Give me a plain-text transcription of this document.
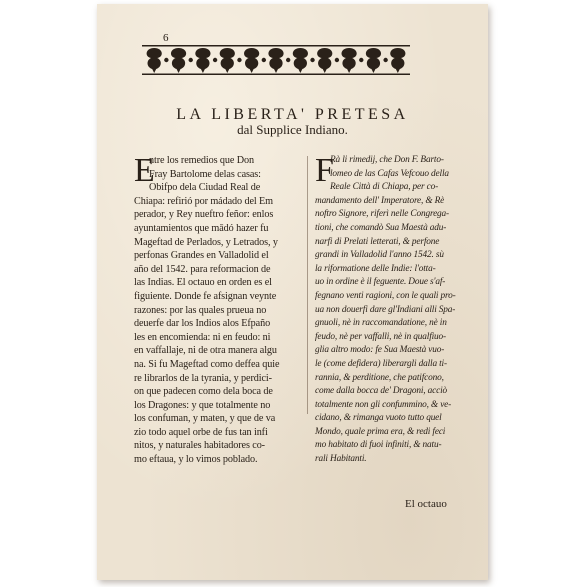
6
LA LIBERTA' PRETESA
dal Supplice Indiano.
E
ntre los remedios que Don
Fray Bartolome delas casas:
Obifpo dela Ciudad Real de
Chiapa: refirió por mádado del Em
perador, y Rey nueftro feñor: enlos
ayuntamientos que mādó hazer fu
Mageftad de Perlados, y Letrados, y
perfonas Grandes en Valladolid el
año del 1542. para reformacion de
las Indias. El octauo en orden es el
figuiente. Donde fe afsignan veynte
razones: por las quales prueua no
deuerfe dar los Indios alos Efpaño
les en encomienda: ni en feudo: ni
en vaffallaje, ni de otra manera algu
na. Si fu Mageftad como deffea quie
re librarlos de la tyrania, y perdici-
on que padecen como dela boca de
los Dragones: y que totalmente no
los confuman, y maten, y que de va
zio todo aquel orbe de fus tan infi
nitos, y naturales habitadores co-
mo eftaua, y lo vimos poblado.
F
Rà li rimedij, che Don F. Barto-
lomeo de las Cafas Vefcouo della
Reale Città di Chiapa, per co-
mandamento dell' Imperatore, & Rè
noftro Signore, riferì nelle Congrega-
tioni, che comandò Sua Maestà adu-
narfi di Prelati letterati, & perfone
grandi in Valladolid l'anno 1542. sù
la riformatione delle Indie: l'otta-
uo in ordine è il feguente. Doue s'af-
fegnano venti ragioni, con le quali pro-
ua non douerfi dare gl'Indiani alli Spa-
gnuoli, nè in raccomandatione, nè in
feudo, nè per vaffalli, nè in qualfiuo-
glia altro modo: fe Sua Maestà vuo-
le (come defidera) liberargli dalla ti-
rannia, & perditione, che patifcono,
come dalla bocca de' Dragoni, acciò
totalmente non gli confummino, & ve-
cidano, & rimanga vuoto tutto quel
Mondo, quale prima era, & redi feci
mo habitato di fuoi infiniti, & natu-
rali Habitanti.
El octauo
